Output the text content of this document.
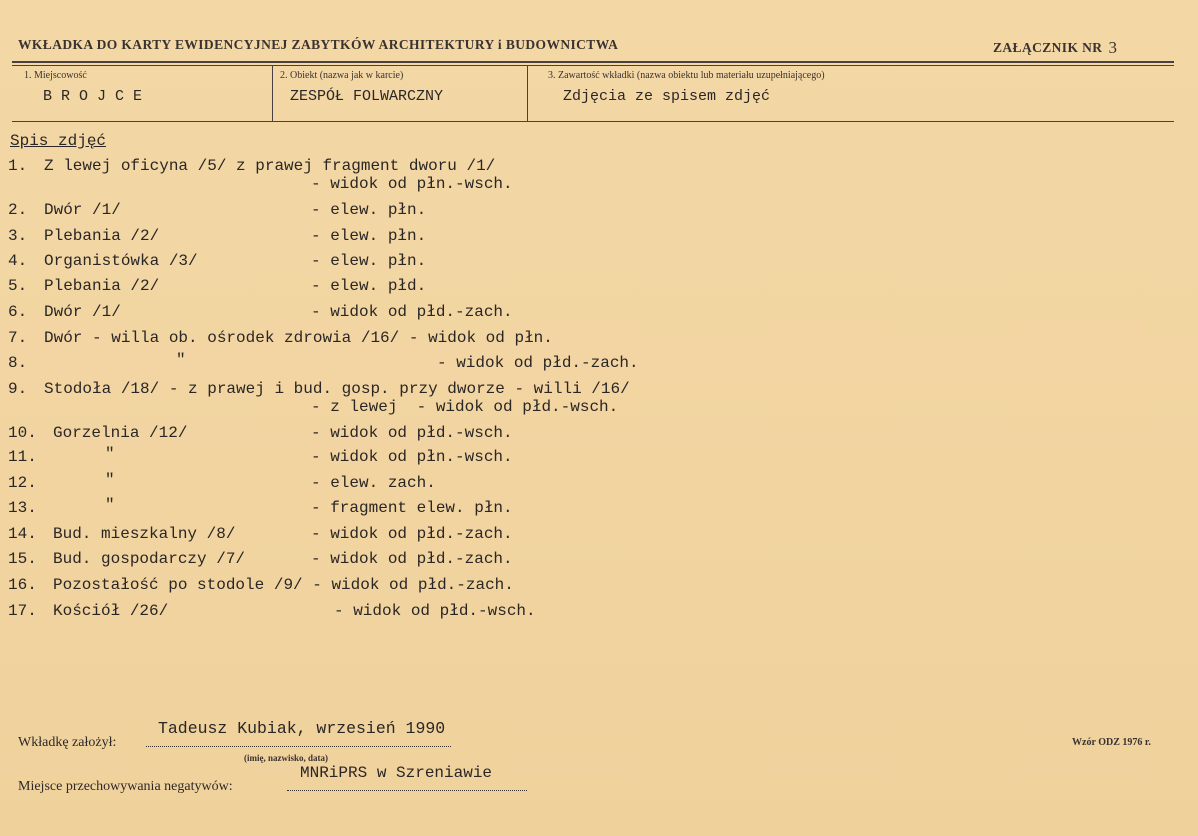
WKŁADKA DO KARTY EWIDENCYJNEJ ZABYTKÓW ARCHITEKTURY i BUDOWNICTWA	ZAŁĄCZNIK NR 3
1. Miejscowość
BROJCE
2. Obiekt (nazwa jak w karcie)
ZESPÓŁ FOLWARCZNY
3. Zawartość wkładki (nazwa obiektu lub materiału uzupełniającego)
Zdjęcia ze spisem zdjęć
Spis zdjęć
1. Z lewej oficyna /5/ z prawej fragment dworu /1/
- widok od płn.-wsch.
2. Dwór /1/	- elew. płn.
3. Plebania /2/	- elew. płn.
4. Organistówka /3/	- elew. płn.
5. Plebania /2/	- elew. płd.
6. Dwór /1/	- widok od płd.-zach.
7. Dwór - willa ob. ośrodek zdrowia /16/ - widok od płn.
8.	"	- widok od płd.-zach.
9. Stodoła /18/ - z prawej i bud. gosp. przy dworze - willi /16/
- z lewej  - widok od płd.-wsch.
10. Gorzelnia /12/	- widok od płd.-wsch.
11.	"	- widok od płn.-wsch.
12.	"	- elew. zach.
13.	"	- fragment elew. płn.
14. Bud. mieszkalny /8/	- widok od płd.-zach.
15. Bud. gospodarczy /7/	- widok od płd.-zach.
16. Pozostałość po stodole /9/ - widok od płd.-zach.
17. Kościół /26/	- widok od płd.-wsch.
Wkładkę założył:
Tadeusz Kubiak, wrzesień 1990
(imię, nazwisko, data)
Miejsce przechowywania negatywów:
MNRiPRS w Szreniawie
Wzór ODZ 1976 r.
